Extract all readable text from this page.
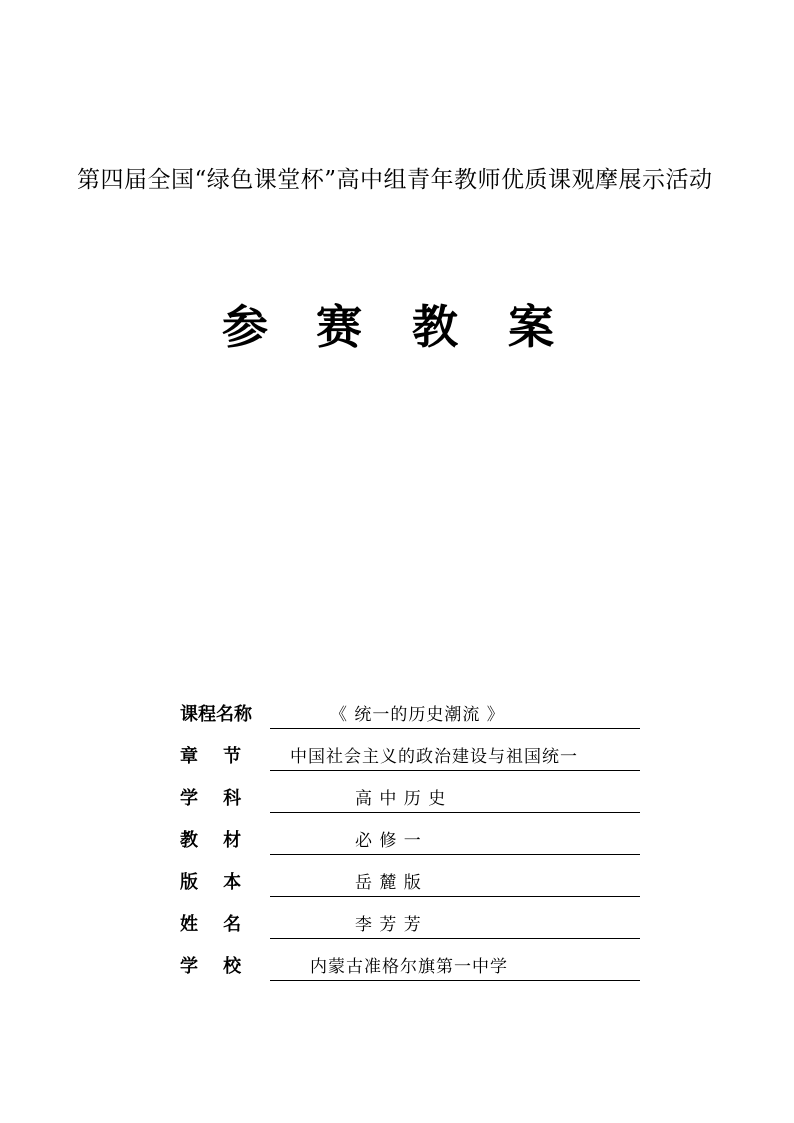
第四届全国“绿色课堂杯”高中组青年教师优质课观摩展示活动
参 赛 教 案
课程名称	《 统一的历史潮流 》
章    节	中国社会主义的政治建设与祖国统一
学    科	高 中 历 史
教    材	必 修 一
版    本	岳 麓 版
姓    名	李 芳 芳
学    校	内蒙古准格尔旗第一中学
